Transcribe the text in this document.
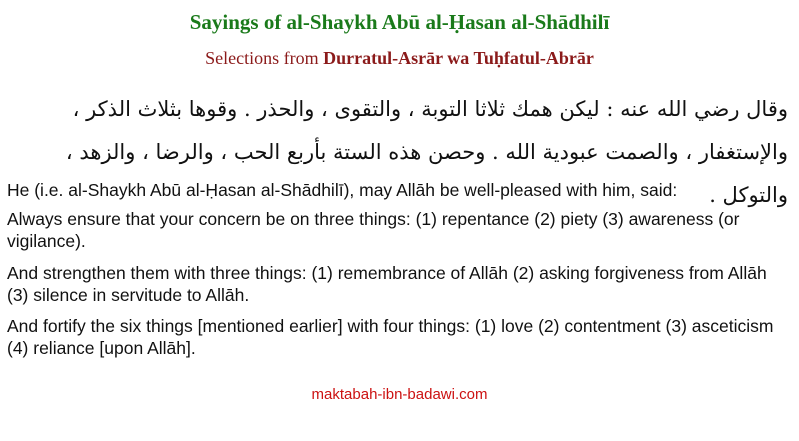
Sayings of al-Shaykh Abū al-Ḥasan al-Shādhilī
Selections from Durratul-Asrār wa Tuḥfatul-Abrār
وقال رضي الله عنه : ليكن همك ثلاثا التوبة ، والتقوى ، والحذر . وقوها بثلاث الذكر ، والإستغفار ، والصمت عبودية الله . وحصن هذه الستة بأربع الحب ، والرضا ، والزهد ، والتوكل .

He (i.e. al-Shaykh Abū al-Ḥasan al-Shādhilī), may Allāh be well-pleased with him, said:

Always ensure that your concern be on three things: (1) repentance (2) piety (3) awareness (or vigilance).

And strengthen them with three things: (1) remembrance of Allāh (2) asking forgiveness from Allāh (3) silence in servitude to Allāh.

And fortify the six things [mentioned earlier] with four things: (1) love (2) contentment (3) asceticism (4) reliance [upon Allāh].

maktabah-ibn-badawi.com
